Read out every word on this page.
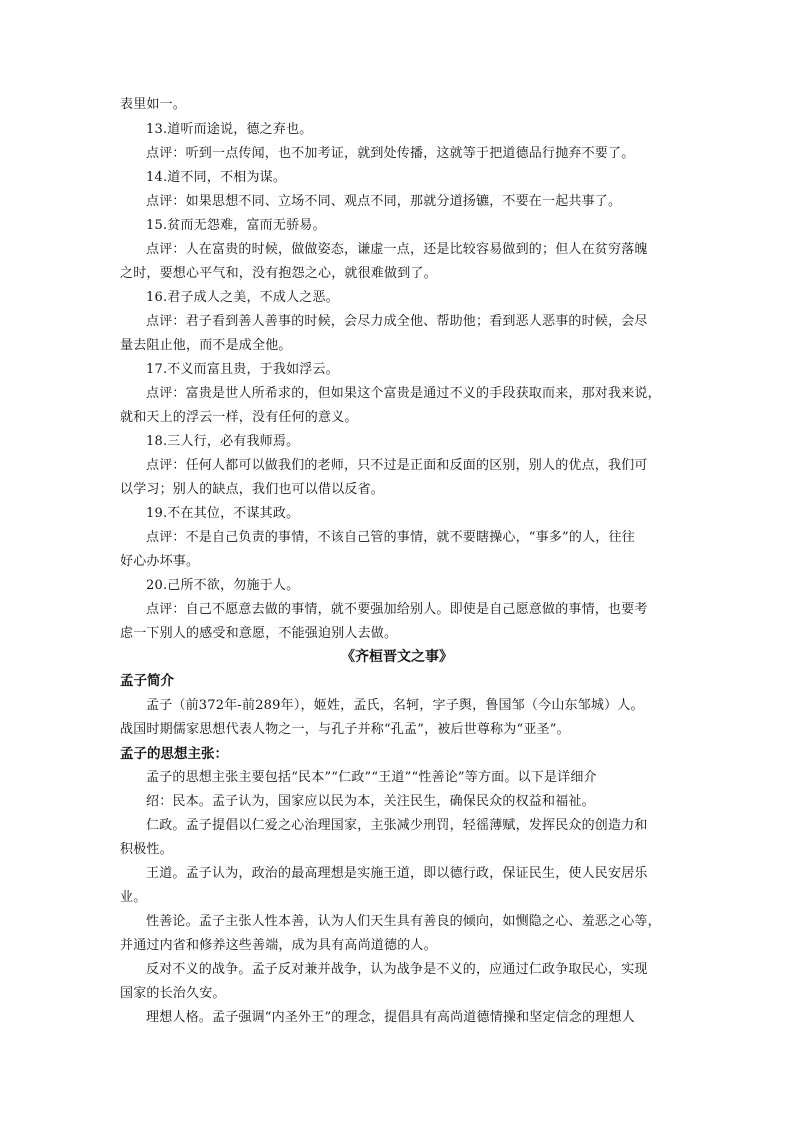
表里如一。
13.道听而途说，德之弃也。
点评：听到一点传闻，也不加考证，就到处传播，这就等于把道德品行抛弃不要了。
14.道不同，不相为谋。
点评：如果思想不同、立场不同、观点不同，那就分道扬镳，不要在一起共事了。
15.贫而无怨难，富而无骄易。
点评：人在富贵的时候，做做姿态，谦虚一点，还是比较容易做到的；但人在贫穷落魄
之时，要想心平气和，没有抱怨之心，就很难做到了。
16.君子成人之美，不成人之恶。
点评：君子看到善人善事的时候，会尽力成全他、帮助他；看到恶人恶事的时候，会尽
量去阻止他，而不是成全他。
17.不义而富且贵，于我如浮云。
点评：富贵是世人所希求的，但如果这个富贵是通过不义的手段获取而来，那对我来说，
就和天上的浮云一样，没有任何的意义。
18.三人行，必有我师焉。
点评：任何人都可以做我们的老师，只不过是正面和反面的区别，别人的优点，我们可
以学习；别人的缺点，我们也可以借以反省。
19.不在其位，不谋其政。
点评：不是自己负责的事情，不该自己管的事情，就不要瞎操心，“事多”的人，往往
好心办坏事。
20.己所不欲，勿施于人。
点评：自己不愿意去做的事情，就不要强加给别人。即使是自己愿意做的事情，也要考
虑一下别人的感受和意愿，不能强迫别人去做。
《齐桓晋文之事》
孟子简介
孟子（前372年-前289年），姬姓，孟氏，名轲，字子舆，鲁国邹（今山东邹城）人。
战国时期儒家思想代表人物之一，与孔子并称“孔孟”，被后世尊称为“亚圣”。
孟子的思想主张：
孟子的思想主张主要包括“民本”“仁政”“王道”“性善论”等方面。以下是详细介
绍：民本。孟子认为，国家应以民为本，关注民生，确保民众的权益和福祉。
仁政。孟子提倡以仁爱之心治理国家，主张减少刑罚，轻徭薄赋，发挥民众的创造力和
积极性。
王道。孟子认为，政治的最高理想是实施王道，即以德行政，保证民生，使人民安居乐
业。
性善论。孟子主张人性本善，认为人们天生具有善良的倾向，如恻隐之心、羞恶之心等，
并通过内省和修养这些善端，成为具有高尚道德的人。
反对不义的战争。孟子反对兼并战争，认为战争是不义的，应通过仁政争取民心，实现
国家的长治久安。
理想人格。孟子强调“内圣外王”的理念，提倡具有高尚道德情操和坚定信念的理想人
